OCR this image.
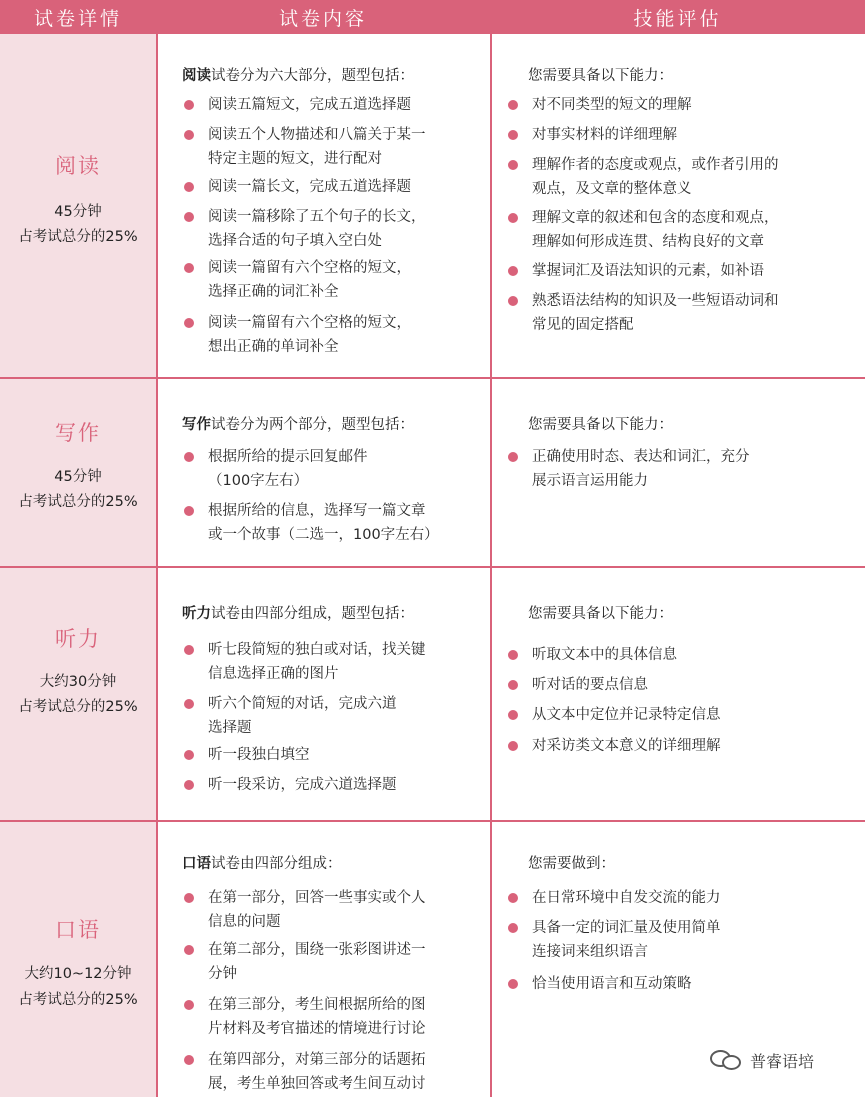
试卷详情	试卷内容	技能评估
阅读
45分钟
占考试总分的25%
阅读试卷分为六大部分，题型包括：
阅读五篇短文，完成五道选择题
阅读五个人物描述和八篇关于某一
特定主题的短文，进行配对
阅读一篇长文，完成五道选择题
阅读一篇移除了五个句子的长文，
选择合适的句子填入空白处
阅读一篇留有六个空格的短文，
选择正确的词汇补全
阅读一篇留有六个空格的短文，
想出正确的单词补全
您需要具备以下能力：
对不同类型的短文的理解
对事实材料的详细理解
理解作者的态度或观点，或作者引用的
观点，及文章的整体意义
理解文章的叙述和包含的态度和观点，
理解如何形成连贯、结构良好的文章
掌握词汇及语法知识的元素，如补语
熟悉语法结构的知识及一些短语动词和
常见的固定搭配
写作
45分钟
占考试总分的25%
写作试卷分为两个部分，题型包括：
根据所给的提示回复邮件
（100字左右）
根据所给的信息，选择写一篇文章
或一个故事（二选一，100字左右）
您需要具备以下能力：
正确使用时态、表达和词汇，充分
展示语言运用能力
听力
大约30分钟
占考试总分的25%
听力试卷由四部分组成，题型包括：
听七段简短的独白或对话，找关键
信息选择正确的图片
听六个简短的对话，完成六道
选择题
听一段独白填空
听一段采访，完成六道选择题
您需要具备以下能力：
听取文本中的具体信息
听对话的要点信息
从文本中定位并记录特定信息
对采访类文本意义的详细理解
口语
大约10~12分钟
占考试总分的25%
口语试卷由四部分组成：
在第一部分，回答一些事实或个人
信息的问题
在第二部分，围绕一张彩图讲述一
分钟
在第三部分，考生间根据所给的图
片材料及考官描述的情境进行讨论
在第四部分，对第三部分的话题拓
展，考生单独回答或考生间互动讨
您需要做到：
在日常环境中自发交流的能力
具备一定的词汇量及使用简单
连接词来组织语言
恰当使用语言和互动策略
普睿语培
